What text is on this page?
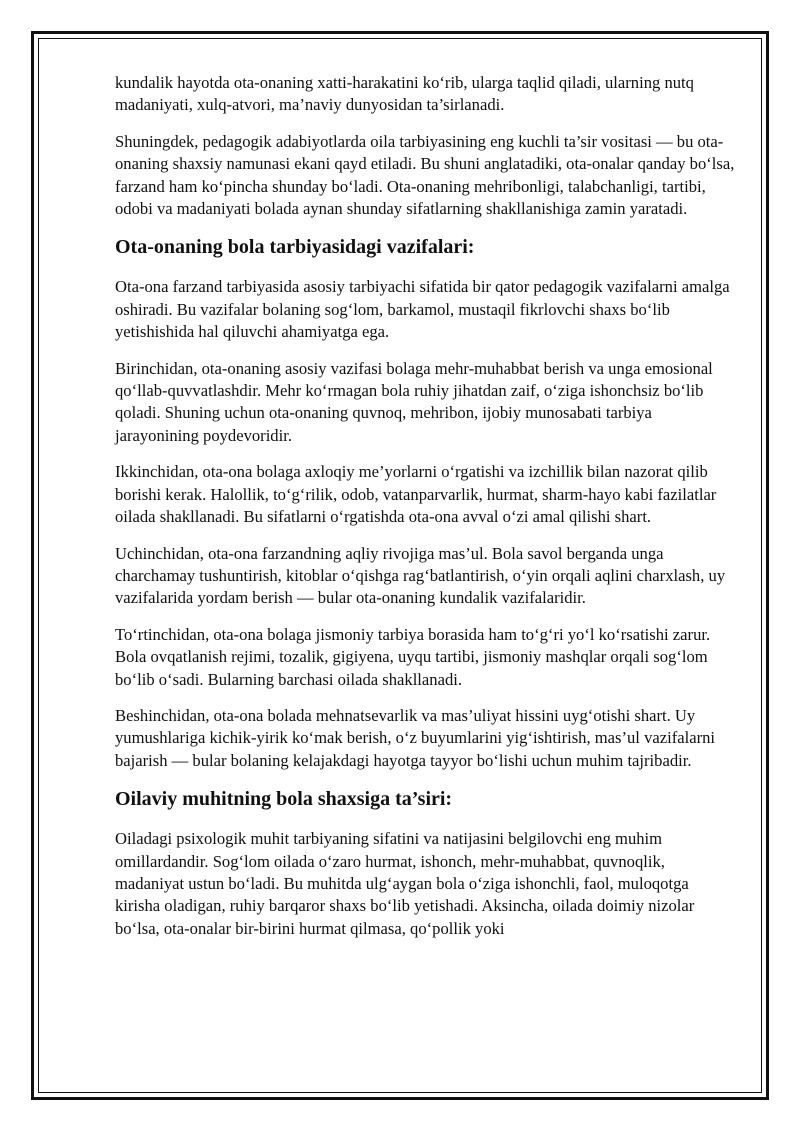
kundalik hayotda ota-onaning xatti-harakatini ko‘rib, ularga taqlid qiladi, ularning nutq madaniyati, xulq-atvori, ma’naviy dunyosidan ta’sirlanadi.

Shuningdek, pedagogik adabiyotlarda oila tarbiyasining eng kuchli ta’sir vositasi — bu ota-onaning shaxsiy namunasi ekani qayd etiladi. Bu shuni anglatadiki, ota-onalar qanday bo‘lsa, farzand ham ko‘pincha shunday bo‘ladi. Ota-onaning mehribonligi, talabchanligi, tartibi, odobi va madaniyati bolada aynan shunday sifatlarning shakllanishiga zamin yaratadi.

Ota-onaning bola tarbiyasidagi vazifalari:

Ota-ona farzand tarbiyasida asosiy tarbiyachi sifatida bir qator pedagogik vazifalarni amalga oshiradi. Bu vazifalar bolaning sog‘lom, barkamol, mustaqil fikrlovchi shaxs bo‘lib yetishishida hal qiluvchi ahamiyatga ega.

Birinchidan, ota-onaning asosiy vazifasi bolaga mehr-muhabbat berish va unga emosional qo‘llab-quvvatlashdir. Mehr ko‘rmagan bola ruhiy jihatdan zaif, o‘ziga ishonchsiz bo‘lib qoladi. Shuning uchun ota-onaning quvnoq, mehribon, ijobiy munosabati tarbiya jarayonining poydevoridir.

Ikkinchidan, ota-ona bolaga axloqiy me’yorlarni o‘rgatishi va izchillik bilan nazorat qilib borishi kerak. Halollik, to‘g‘rilik, odob, vatanparvarlik, hurmat, sharm-hayo kabi fazilatlar oilada shakllanadi. Bu sifatlarni o‘rgatishda ota-ona avval o‘zi amal qilishi shart.

Uchinchidan, ota-ona farzandning aqliy rivojiga mas’ul. Bola savol berganda unga charchamay tushuntirish, kitoblar o‘qishga rag‘batlantirish, o‘yin orqali aqlini charxlash, uy vazifalarida yordam berish — bular ota-onaning kundalik vazifalaridir.

To‘rtinchidan, ota-ona bolaga jismoniy tarbiya borasida ham to‘g‘ri yo‘l ko‘rsatishi zarur. Bola ovqatlanish rejimi, tozalik, gigiyena, uyqu tartibi, jismoniy mashqlar orqali sog‘lom bo‘lib o‘sadi. Bularning barchasi oilada shakllanadi.

Beshinchidan, ota-ona bolada mehnatsevarlik va mas’uliyat hissini uyg‘otishi shart. Uy yumushlariga kichik-yirik ko‘mak berish, o‘z buyumlarini yig‘ishtirish, mas’ul vazifalarni bajarish — bular bolaning kelajakdagi hayotga tayyor bo‘lishi uchun muhim tajribadir.

Oilaviy muhitning bola shaxsiga ta’siri:

Oiladagi psixologik muhit tarbiyaning sifatini va natijasini belgilovchi eng muhim omillardandir. Sog‘lom oilada o‘zaro hurmat, ishonch, mehr-muhabbat, quvnoqlik, madaniyat ustun bo‘ladi. Bu muhitda ulg‘aygan bola o‘ziga ishonchli, faol, muloqotga kirisha oladigan, ruhiy barqaror shaxs bo‘lib yetishadi. Aksincha, oilada doimiy nizolar bo‘lsa, ota-onalar bir-birini hurmat qilmasa, qo‘pollik yoki
